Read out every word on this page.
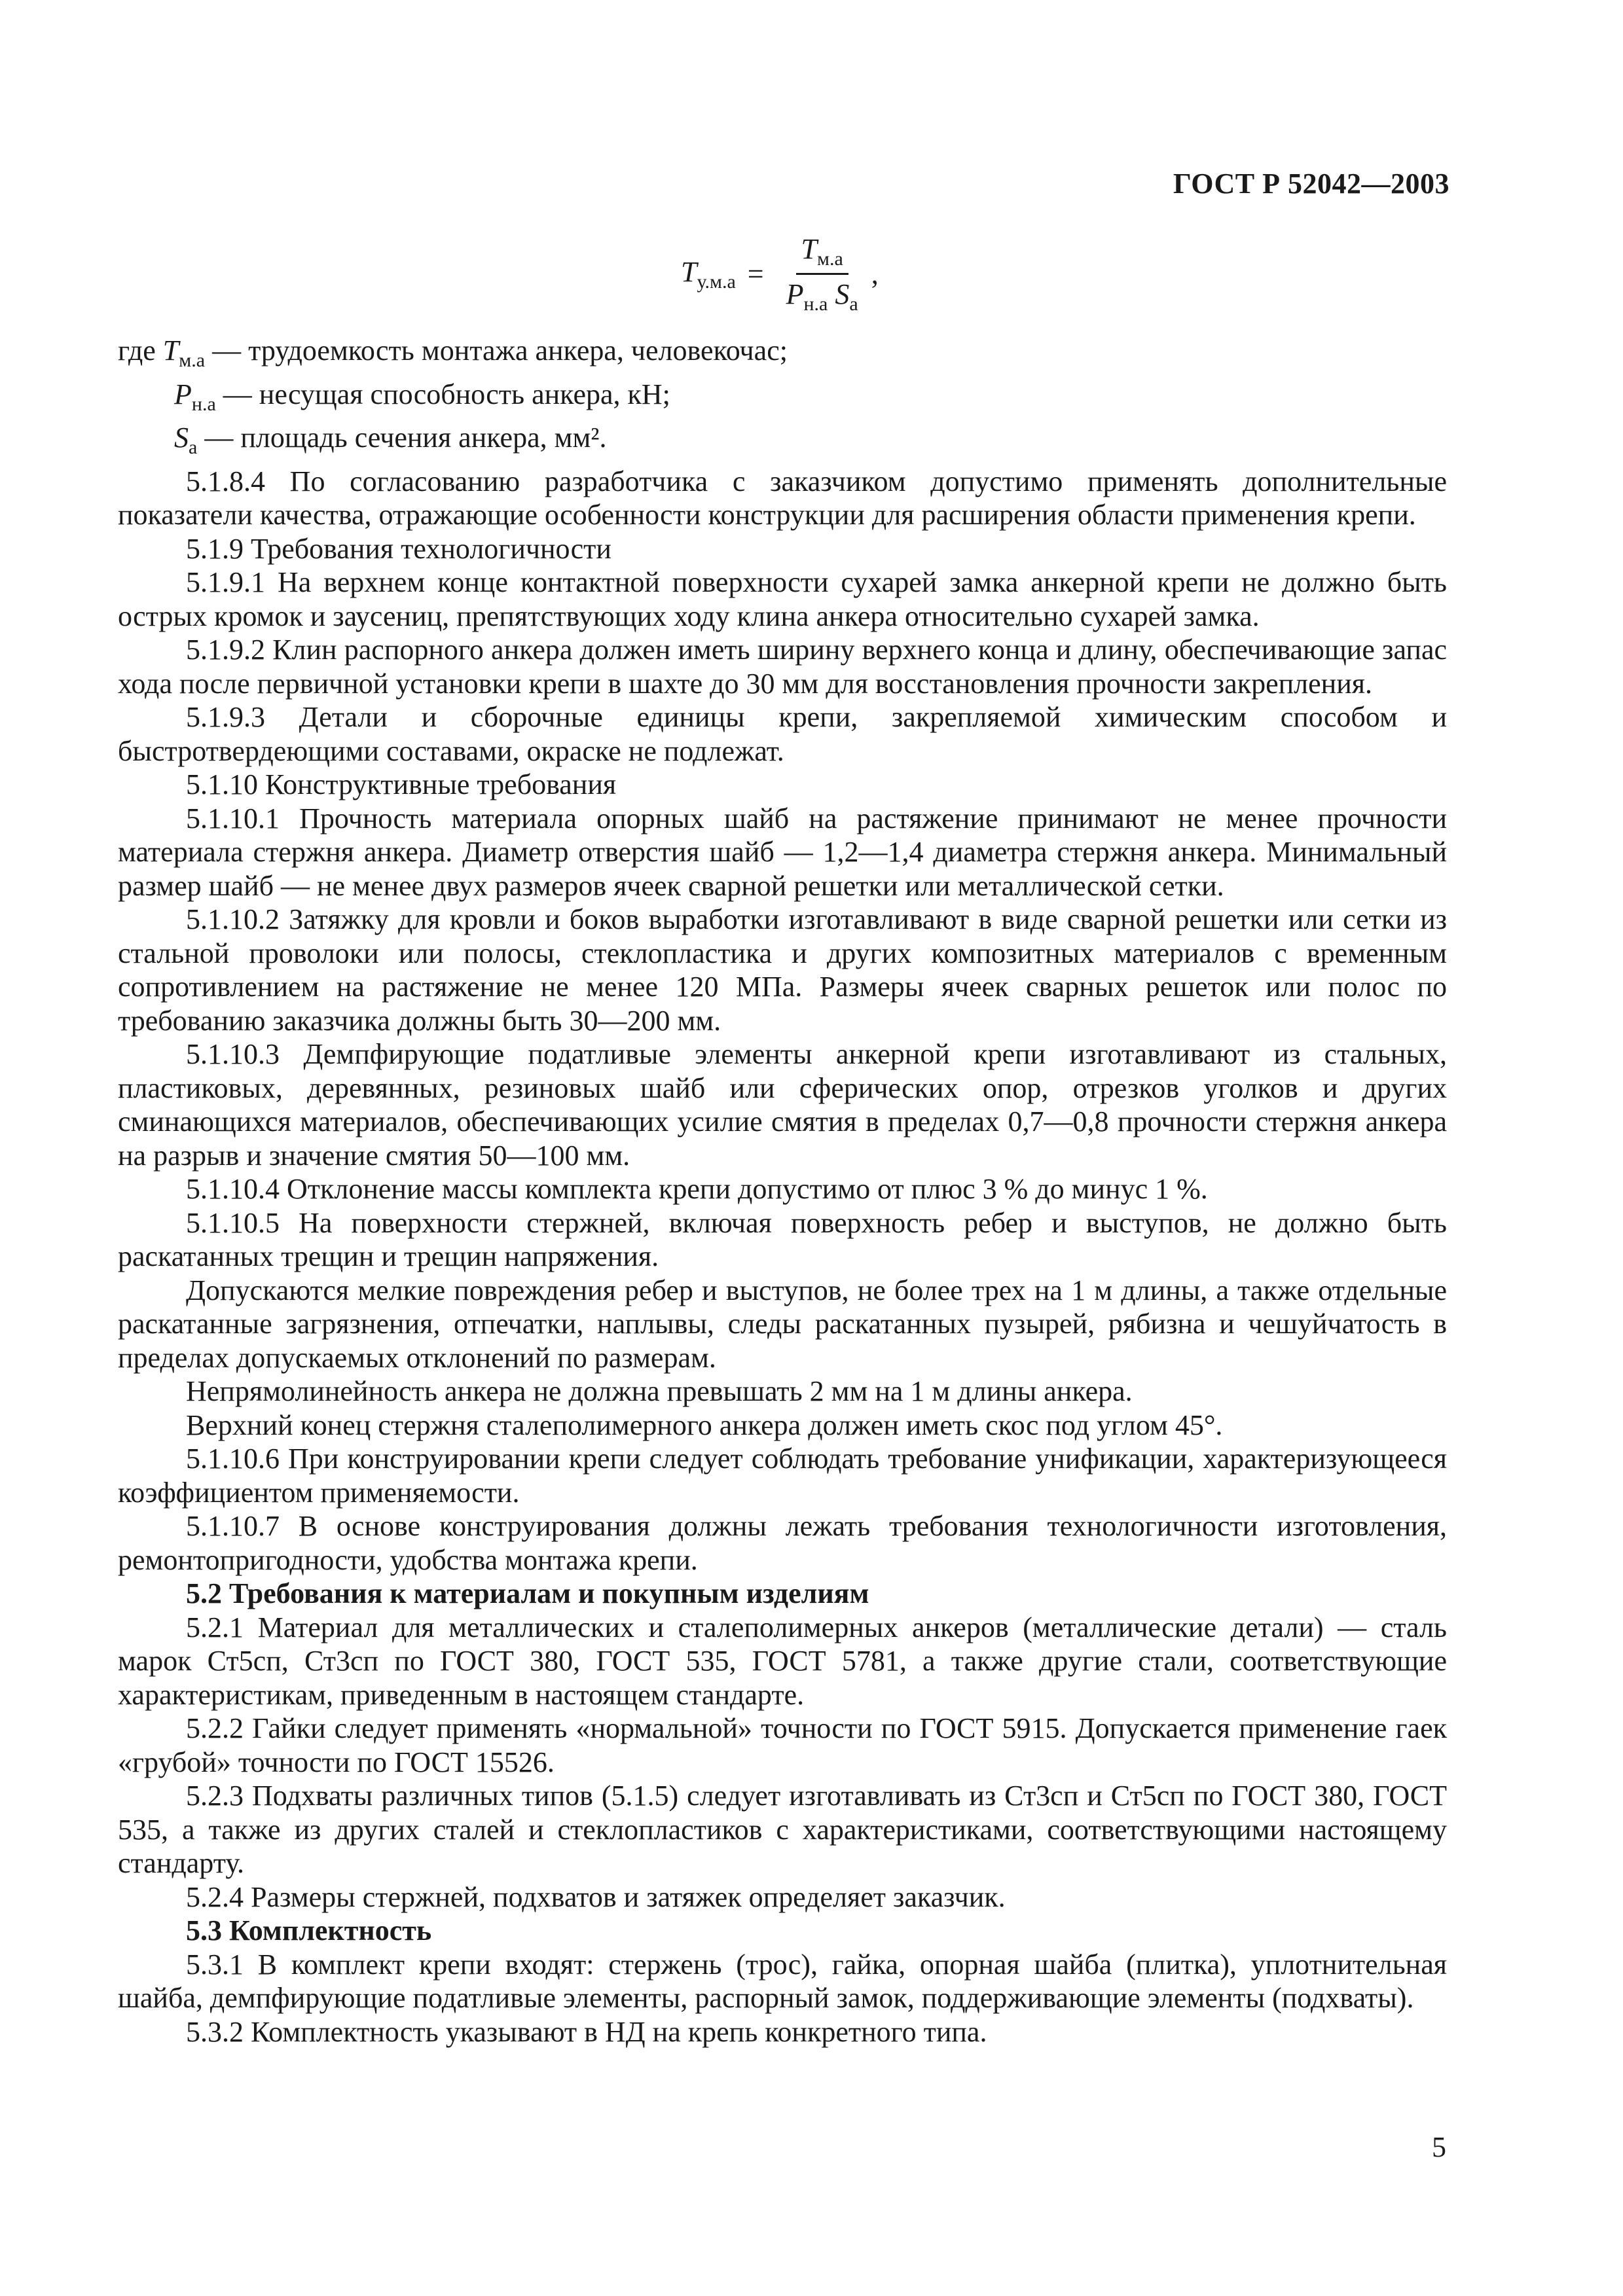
ГОСТ Р 52042—2003
$T_{у.м.а} = \frac{T_{м.а}}{P_{н.а} S_а}$ ,
где $T_{м.а}$ — трудоемкость монтажа анкера, человекочас;
$P_{н.а}$ — несущая способность анкера, кН;
$S_а$ — площадь сечения анкера, мм².

5.1.8.4 По согласованию разработчика с заказчиком допустимо применять дополнительные показатели качества, отражающие особенности конструкции для расширения области применения крепи.

5.1.9 Требования технологичности

5.1.9.1 На верхнем конце контактной поверхности сухарей замка анкерной крепи не должно быть острых кромок и заусениц, препятствующих ходу клина анкера относительно сухарей замка.

5.1.9.2 Клин распорного анкера должен иметь ширину верхнего конца и длину, обеспечивающие запас хода после первичной установки крепи в шахте до 30 мм для восстановления прочности закрепления.

5.1.9.3 Детали и сборочные единицы крепи, закрепляемой химическим способом и быстротвердеющими составами, окраске не подлежат.

5.1.10 Конструктивные требования

5.1.10.1 Прочность материала опорных шайб на растяжение принимают не менее прочности материала стержня анкера. Диаметр отверстия шайб — 1,2—1,4 диаметра стержня анкера. Минимальный размер шайб — не менее двух размеров ячеек сварной решетки или металлической сетки.

5.1.10.2 Затяжку для кровли и боков выработки изготавливают в виде сварной решетки или сетки из стальной проволоки или полосы, стеклопластика и других композитных материалов с временным сопротивлением на растяжение не менее 120 МПа. Размеры ячеек сварных решеток или полос по требованию заказчика должны быть 30—200 мм.

5.1.10.3 Демпфирующие податливые элементы анкерной крепи изготавливают из стальных, пластиковых, деревянных, резиновых шайб или сферических опор, отрезков уголков и других сминающихся материалов, обеспечивающих усилие смятия в пределах 0,7—0,8 прочности стержня анкера на разрыв и значение смятия 50—100 мм.

5.1.10.4 Отклонение массы комплекта крепи допустимо от плюс 3 % до минус 1 %.

5.1.10.5 На поверхности стержней, включая поверхность ребер и выступов, не должно быть раскатанных трещин и трещин напряжения.

Допускаются мелкие повреждения ребер и выступов, не более трех на 1 м длины, а также отдельные раскатанные загрязнения, отпечатки, наплывы, следы раскатанных пузырей, рябизна и чешуйчатость в пределах допускаемых отклонений по размерам.

Непрямолинейность анкера не должна превышать 2 мм на 1 м длины анкера.

Верхний конец стержня сталеполимерного анкера должен иметь скос под углом 45°.

5.1.10.6 При конструировании крепи следует соблюдать требование унификации, характеризующееся коэффициентом применяемости.

5.1.10.7 В основе конструирования должны лежать требования технологичности изготовления, ремонтопригодности, удобства монтажа крепи.

5.2 Требования к материалам и покупным изделиям

5.2.1 Материал для металлических и сталеполимерных анкеров (металлические детали) — сталь марок Ст5сп, Ст3сп по ГОСТ 380, ГОСТ 535, ГОСТ 5781, а также другие стали, соответствующие характеристикам, приведенным в настоящем стандарте.

5.2.2 Гайки следует применять «нормальной» точности по ГОСТ 5915. Допускается применение гаек «грубой» точности по ГОСТ 15526.

5.2.3 Подхваты различных типов (5.1.5) следует изготавливать из Ст3сп и Ст5сп по ГОСТ 380, ГОСТ 535, а также из других сталей и стеклопластиков с характеристиками, соответствующими настоящему стандарту.

5.2.4 Размеры стержней, подхватов и затяжек определяет заказчик.

5.3 Комплектность

5.3.1 В комплект крепи входят: стержень (трос), гайка, опорная шайба (плитка), уплотнительная шайба, демпфирующие податливые элементы, распорный замок, поддерживающие элементы (подхваты).

5.3.2 Комплектность указывают в НД на крепь конкретного типа.

5
